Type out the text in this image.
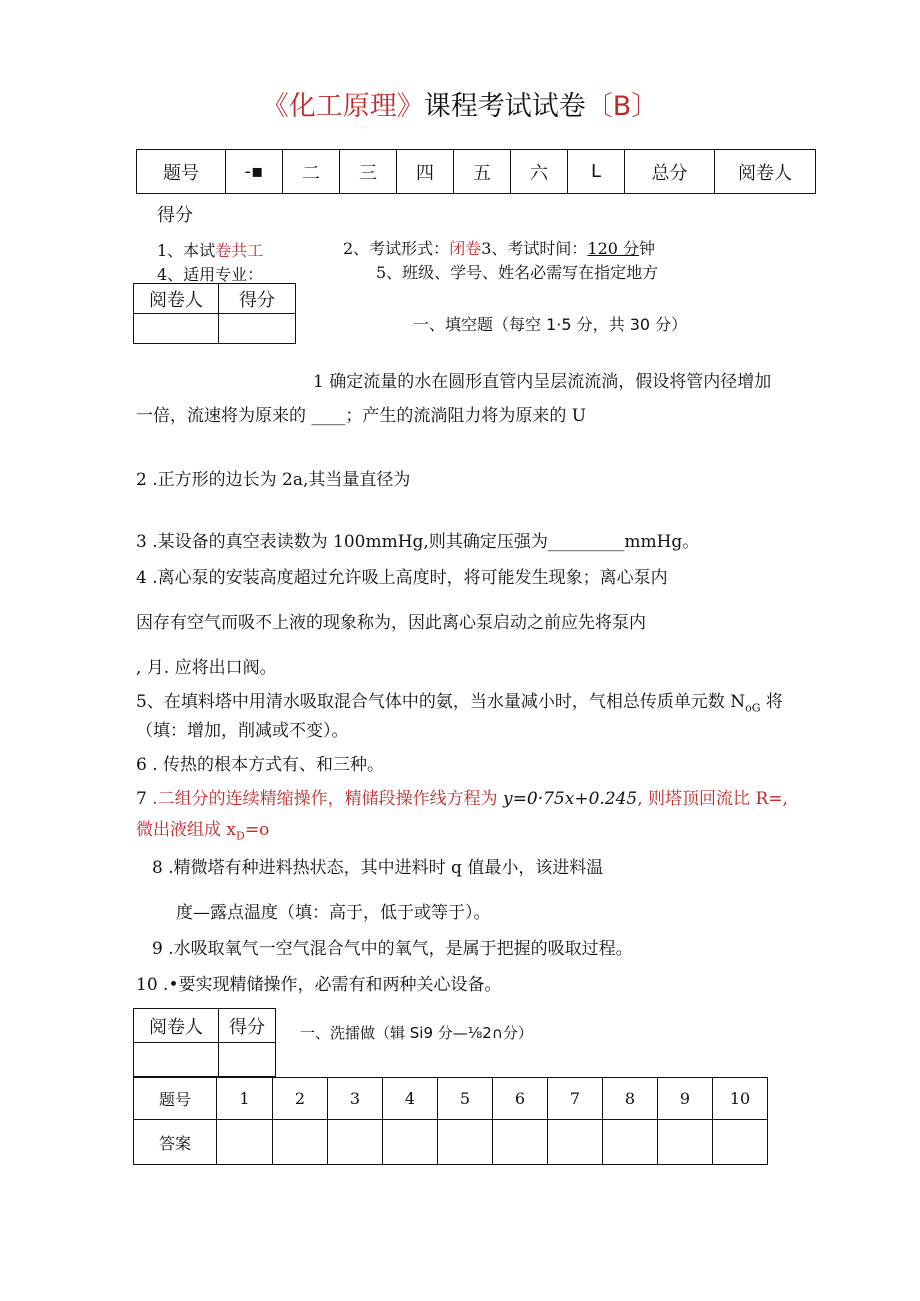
《化工原理》课程考试试卷〔B〕
题号	-▪	二	三	四	五	六	L	总分	阅卷人
得分
1、本试卷共工	2、考试形式：闭卷3、考试时间：120 分钟
4、适用专业：	5、班级、学号、姓名必需写在指定地方
阅卷人	得分

一、填空题（每空 1·5 分，共 30 分）
1 确定流量的水在圆形直管内呈层流流淌，假设将管内径增加
一倍，流速将为原来的 ____；产生的流淌阻力将为原来的 U
2 .正方形的边长为 2a,其当量直径为
3 .某设备的真空表读数为 100mmHg,则其确定压强为_________mmHg。
4 .离心泵的安装高度超过允许吸上高度时，将可能发生现象；离心泵内
因存有空气而吸不上液的现象称为，因此离心泵启动之前应先将泵内
, 月. 应将出口阀。
5、在填料塔中用清水吸取混合气体中的氨，当水量减小时，气相总传质单元数 $N_{oG}$ 将
（填：增加，削减或不变）。
6 . 传热的根本方式有、和三种。
7 .二组分的连续精缩操作，精储段操作线方程为 y=0·75x+0.245, 则塔顶回流比 R=,
微出液组成 $x_D=o$
8 .精微塔有种进料热状态，其中进料时 q 值最小，该进料温
度—露点温度（填：高于，低于或等于）。
9 .水吸取氧气一空气混合气中的氧气，是属于把握的吸取过程。
10 .•要实现精储操作，必需有和两种关心设备。
阅卷人	得分
	一、洗擂做（辑 Si9 分—⅛2∩分）
题号	1	2	3	4	5	6	7	8	9	10
答案										
